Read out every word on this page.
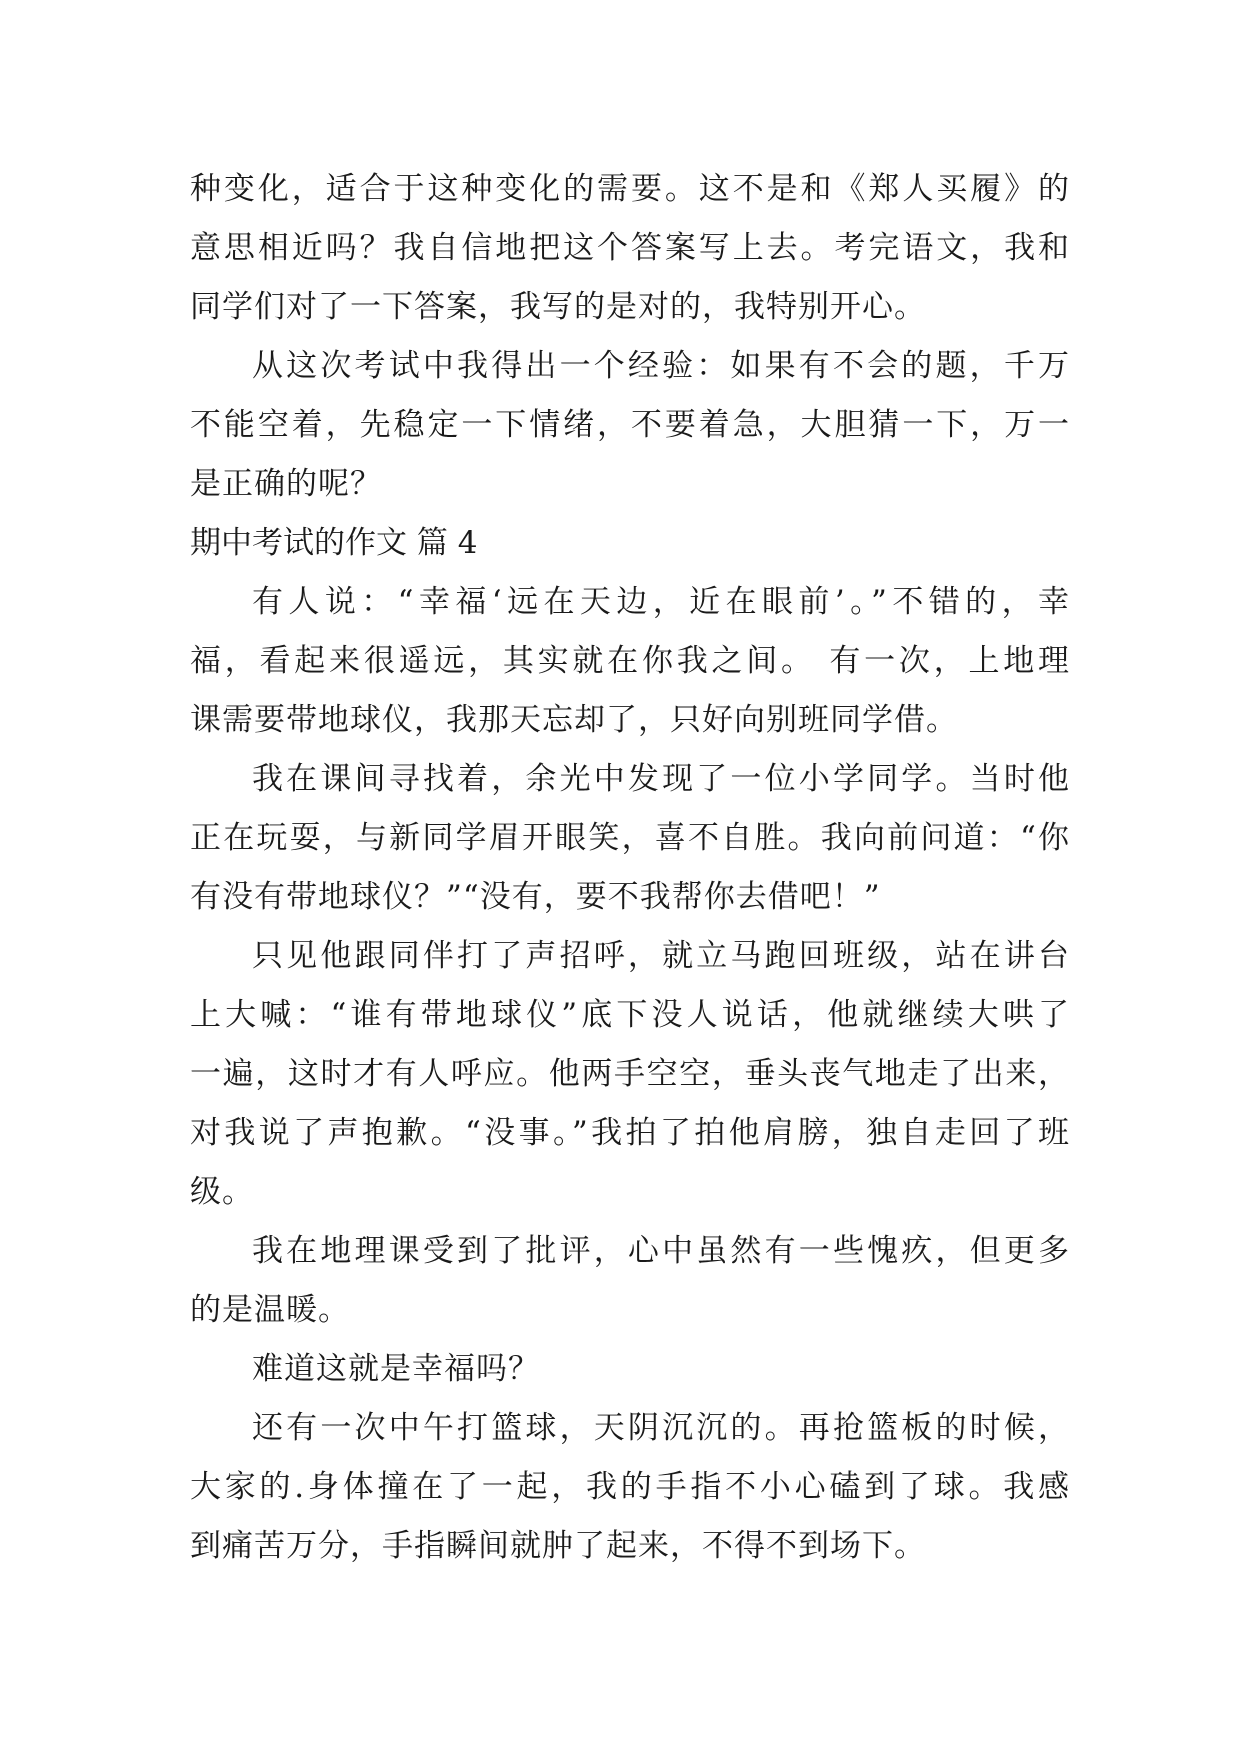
种变化，适合于这种变化的需要。这不是和《郑人买履》的
意思相近吗？我自信地把这个答案写上去。考完语文，我和
同学们对了一下答案，我写的是对的，我特别开心。
从这次考试中我得出一个经验：如果有不会的题，千万
不能空着，先稳定一下情绪，不要着急，大胆猜一下，万一
是正确的呢？
期中考试的作文 篇 4
有人说：“幸福‘远在天边，近在眼前’。”不错的，幸
福，看起来很遥远，其实就在你我之间。 有一次，上地理
课需要带地球仪，我那天忘却了，只好向别班同学借。
我在课间寻找着，余光中发现了一位小学同学。当时他
正在玩耍，与新同学眉开眼笑，喜不自胜。我向前问道：“你
有没有带地球仪？”“没有，要不我帮你去借吧！”
只见他跟同伴打了声招呼，就立马跑回班级，站在讲台
上大喊：“谁有带地球仪”底下没人说话，他就继续大哄了
一遍，这时才有人呼应。他两手空空，垂头丧气地走了出来，
对我说了声抱歉。“没事。”我拍了拍他肩膀，独自走回了班
级。
我在地理课受到了批评，心中虽然有一些愧疚，但更多
的是温暖。
难道这就是幸福吗？
还有一次中午打篮球，天阴沉沉的。再抢篮板的时候，
大家的.身体撞在了一起，我的手指不小心磕到了球。我感
到痛苦万分，手指瞬间就肿了起来，不得不到场下。
